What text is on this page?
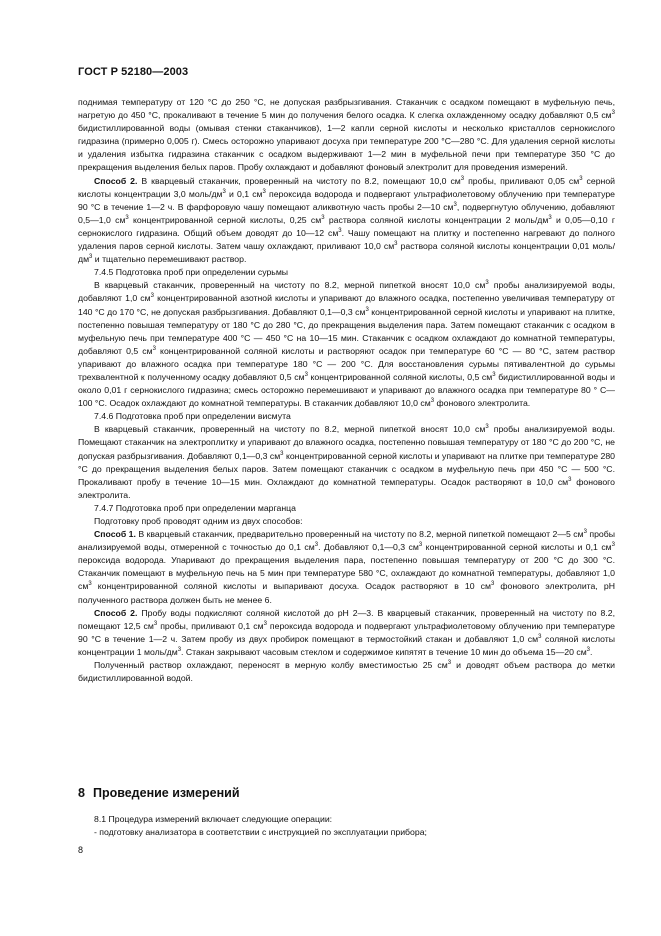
ГОСТ Р 52180—2003

поднимая температуру от 120 °C до 250 °C, не допуская разбрызгивания. Стаканчик с осадком помещают в муфельную печь, нагретую до 450 °C, прокаливают в течение 5 мин до получения белого осадка. К слегка охлажденному осадку добавляют 0,5 $см^3$ бидистиллированной воды (омывая стенки стаканчиков), 1—2 капли серной кислоты и несколько кристаллов сернокислого гидразина (примерно 0,005 г). Смесь осторожно упаривают досуха при температуре 200 °C—280 °C. Для удаления серной кислоты и удаления избытка гидразина стаканчик с осадком выдерживают 1—2 мин в муфельной печи при температуре 350 °C до прекращения выделения белых паров. Пробу охлаждают и добавляют фоновый электролит для проведения измерений.

Способ 2. В кварцевый стаканчик, проверенный на чистоту по 8.2, помещают 10,0 $см^3$ пробы, приливают 0,05 $см^3$ серной кислоты концентрации 3,0 моль/$дм^3$ и 0,1 $см^3$ пероксида водорода и подвергают ультрафиолетовому облучению при температуре 90 °C в течение 1—2 ч. В фарфоровую чашу помещают аликвотную часть пробы 2—10 $см^3$, подвергнутую облучению, добавляют 0,5—1,0 $см^3$ концентрированной серной кислоты, 0,25 $см^3$ раствора соляной кислоты концентрации 2 моль/$дм^3$ и 0,05—0,10 г сернокислого гидразина. Общий объем доводят до 10—12 $см^3$. Чашу помещают на плитку и постепенно нагревают до полного удаления паров серной кислоты. Затем чашу охлаждают, приливают 10,0 $см^3$ раствора соляной кислоты концентрации 0,01 моль/$дм^3$ и тщательно перемешивают раствор.

7.4.5 Подготовка проб при определении сурьмы

В кварцевый стаканчик, проверенный на чистоту по 8.2, мерной пипеткой вносят 10,0 $см^3$ пробы анализируемой воды, добавляют 1,0 $см^3$ концентрированной азотной кислоты и упаривают до влажного осадка, постепенно увеличивая температуру от 140 °C до 170 °C, не допуская разбрызгивания. Добавляют 0,1—0,3 $см^3$ концентрированной серной кислоты и упаривают на плитке, постепенно повышая температуру от 180 °C до 280 °C, до прекращения выделения пара. Затем помещают стаканчик с осадком в муфельную печь при температуре 400 °C — 450 °C на 10—15 мин. Стаканчик с осадком охлаждают до комнатной температуры, добавляют 0,5 $см^3$ концентрированной соляной кислоты и растворяют осадок при температуре 60 °C — 80 °C, затем раствор упаривают до влажного осадка при температуре 180 °C — 200 °C. Для восстановления сурьмы пятивалентной до сурьмы трехвалентной к полученному осадку добавляют 0,5 $см^3$ концентрированной соляной кислоты, 0,5 $см^3$ бидистиллированной воды и около 0,01 г сернокислого гидразина; смесь осторожно перемешивают и упаривают до влажного осадка при температуре 80 ° C—100 °C. Осадок охлаждают до комнатной температуры. В стаканчик добавляют 10,0 $см^3$ фонового электролита.

7.4.6 Подготовка проб при определении висмута

В кварцевый стаканчик, проверенный на чистоту по 8.2, мерной пипеткой вносят 10,0 $см^3$ пробы анализируемой воды. Помещают стаканчик на электроплитку и упаривают до влажного осадка, постепенно повышая температуру от 180 °C до 200 °C, не допуская разбрызгивания. Добавляют 0,1—0,3 $см^3$ концентрированной серной кислоты и упаривают на плитке при температуре 280 °C до прекращения выделения белых паров. Затем помещают стаканчик с осадком в муфельную печь при 450 °C — 500 °C. Прокаливают пробу в течение 10—15 мин. Охлаждают до комнатной температуры. Осадок растворяют в 10,0 $см^3$ фонового электролита.

7.4.7 Подготовка проб при определении марганца

Подготовку проб проводят одним из двух способов:

Способ 1. В кварцевый стаканчик, предварительно проверенный на чистоту по 8.2, мерной пипеткой помещают 2—5 $см^3$ пробы анализируемой воды, отмеренной с точностью до 0,1 $см^3$. Добавляют 0,1—0,3 $см^3$ концентрированной серной кислоты и 0,1 $см^3$ пероксида водорода. Упаривают до прекращения выделения пара, постепенно повышая температуру от 200 °C до 300 °C. Стаканчик помещают в муфельную печь на 5 мин при температуре 580 °C, охлаждают до комнатной температуры, добавляют 1,0 $см^3$ концентрированной соляной кислоты и выпаривают досуха. Осадок растворяют в 10 $см^3$ фонового электролита, pH полученного раствора должен быть не менее 6.

Способ 2. Пробу воды подкисляют соляной кислотой до pH 2—3. В кварцевый стаканчик, проверенный на чистоту по 8.2, помещают 12,5 $см^3$ пробы, приливают 0,1 $см^3$ пероксида водорода и подвергают ультрафиолетовому облучению при температуре 90 °C в течение 1—2 ч. Затем пробу из двух пробирок помещают в термостойкий стакан и добавляют 1,0 $см^3$ соляной кислоты концентрации 1 моль/$дм^3$. Стакан закрывают часовым стеклом и содержимое кипятят в течение 10 мин до объема 15—20 $см^3$.

Полученный раствор охлаждают, переносят в мерную колбу вместимостью 25 $см^3$ и доводят объем раствора до метки бидистиллированной водой.

8 Проведение измерений

8.1 Процедура измерений включает следующие операции:

- подготовку анализатора в соответствии с инструкцией по эксплуатации прибора;

8
